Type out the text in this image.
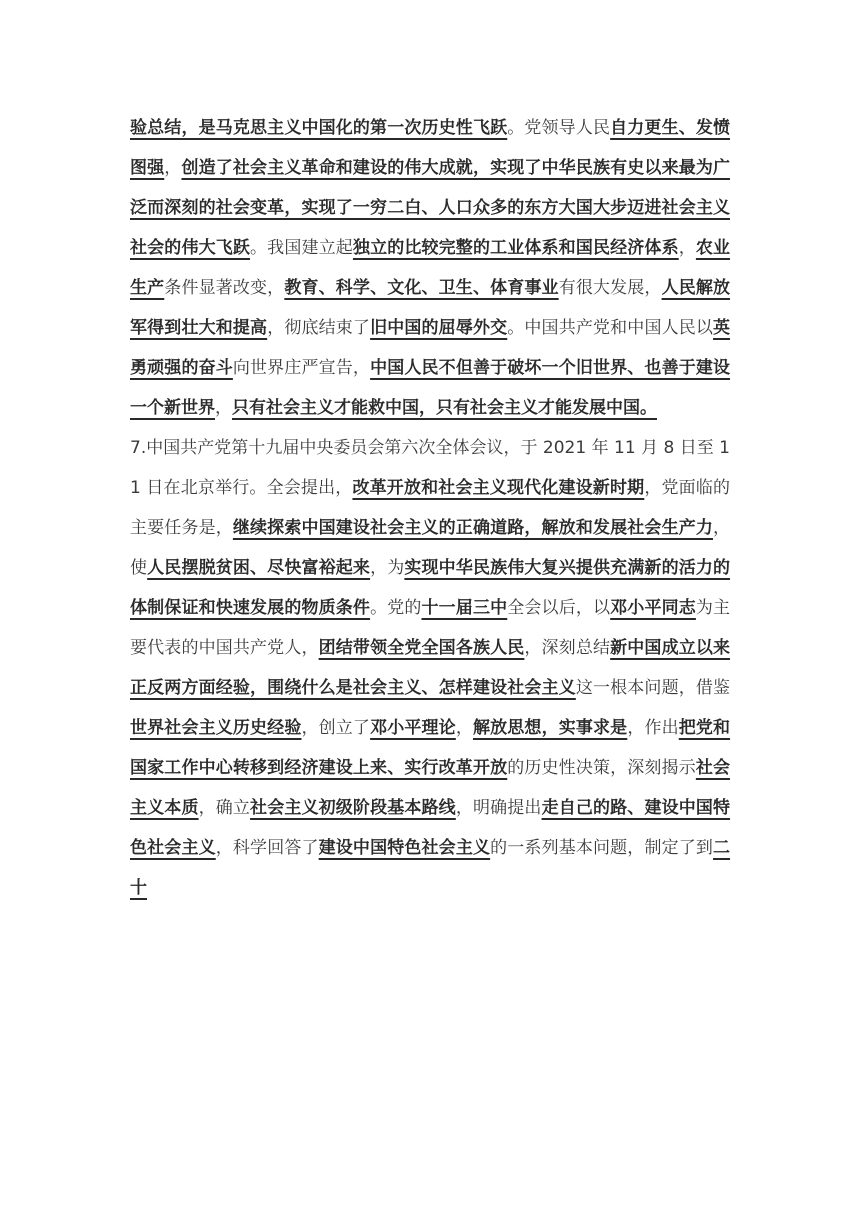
验总结，是马克思主义中国化的第一次历史性飞跃。党领导人民自力更生、发愤图强，创造了社会主义革命和建设的伟大成就，实现了中华民族有史以来最为广泛而深刻的社会变革，实现了一穷二白、人口众多的东方大国大步迈进社会主义社会的伟大飞跃。我国建立起独立的比较完整的工业体系和国民经济体系，农业生产条件显著改变，教育、科学、文化、卫生、体育事业有很大发展，人民解放军得到壮大和提高，彻底结束了旧中国的屈辱外交。中国共产党和中国人民以英勇顽强的奋斗向世界庄严宣告，中国人民不但善于破坏一个旧世界、也善于建设一个新世界，只有社会主义才能救中国，只有社会主义才能发展中国。

7.中国共产党第十九届中央委员会第六次全体会议，于 2021 年 11 月 8 日至 11 日在北京举行。全会提出，改革开放和社会主义现代化建设新时期，党面临的主要任务是，继续探索中国建设社会主义的正确道路，解放和发展社会生产力，使人民摆脱贫困、尽快富裕起来，为实现中华民族伟大复兴提供充满新的活力的体制保证和快速发展的物质条件。党的十一届三中全会以后，以邓小平同志为主要代表的中国共产党人，团结带领全党全国各族人民，深刻总结新中国成立以来正反两方面经验，围绕什么是社会主义、怎样建设社会主义这一根本问题，借鉴世界社会主义历史经验，创立了邓小平理论，解放思想，实事求是，作出把党和国家工作中心转移到经济建设上来、实行改革开放的历史性决策，深刻揭示社会主义本质，确立社会主义初级阶段基本路线，明确提出走自己的路、建设中国特色社会主义，科学回答了建设中国特色社会主义的一系列基本问题，制定了到二十
